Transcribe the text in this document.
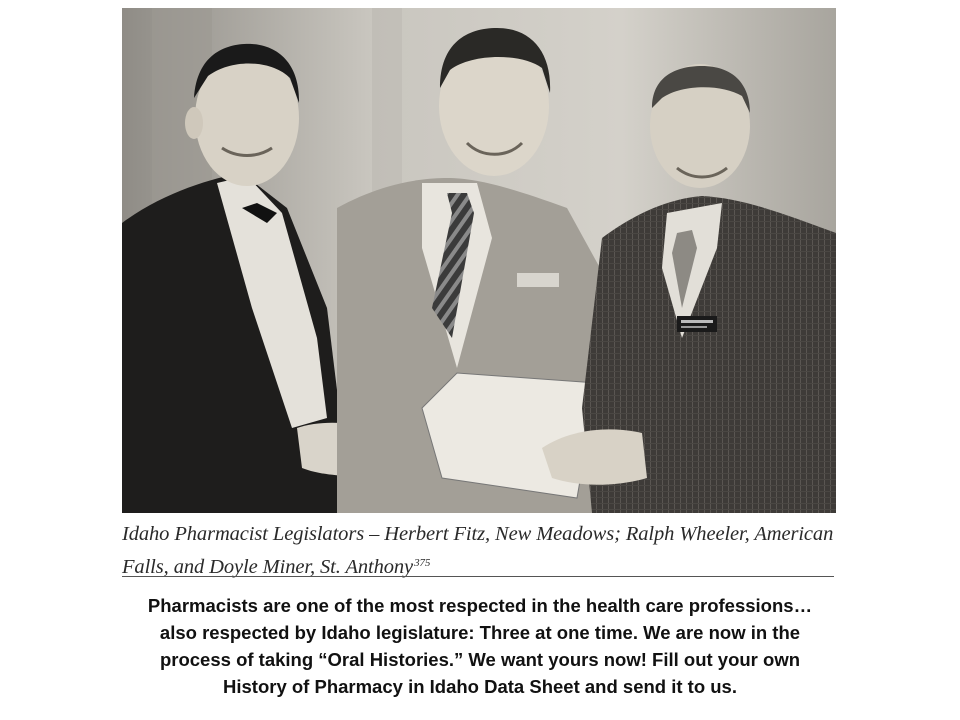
Idaho Pharmacist Legislators – Herbert Fitz, New Meadows; Ralph Wheeler, American Falls, and Doyle Miner, St. Anthony$^{375}$
Pharmacists are one of the most respected in the health care professions…
also respected by Idaho legislature: Three at one time. We are now in the
process of taking “Oral Histories.” We want yours now! Fill out your own
History of Pharmacy in Idaho Data Sheet and send it to us.
